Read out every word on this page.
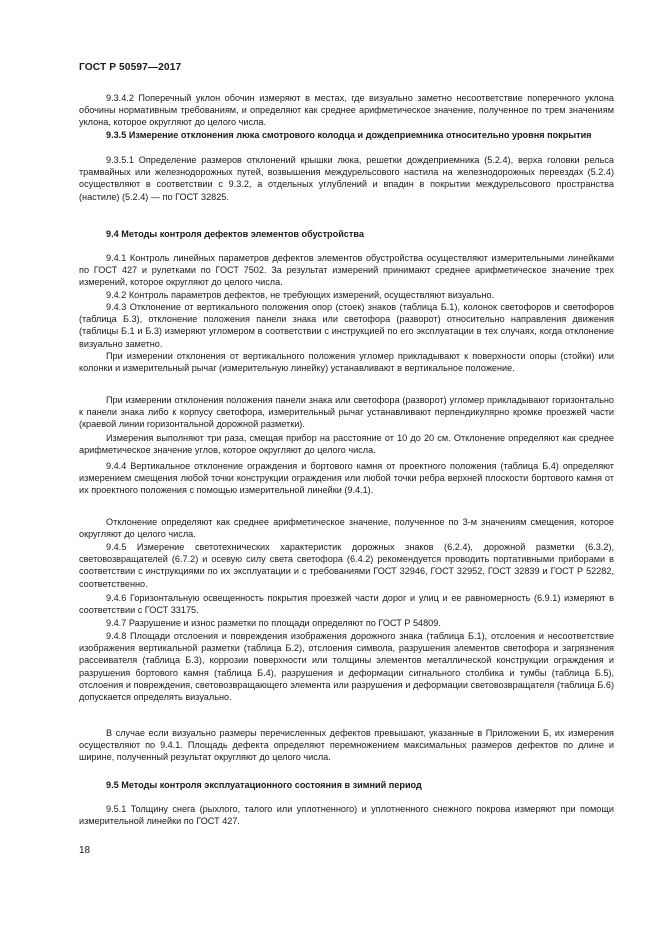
ГОСТ Р 50597—2017

9.3.4.2 Поперечный уклон обочин измеряют в местах, где визуально заметно несоответствие поперечного уклона обочины нормативным требованиям, и определяют как среднее арифметическое значение, полученное по трем значениям уклона, которое округляют до целого числа.

9.3.5 Измерение отклонения люка смотрового колодца и дождеприемника относительно уровня покрытия

9.3.5.1 Определение размеров отклонений крышки люка, решетки дождеприемника (5.2.4), верха головки рельса трамвайных или железнодорожных путей, возвышения междурельсового настила на железнодорожных переездах (5.2.4) осуществляют в соответствии с 9.3.2, а отдельных углублений и впадин в покрытии междурельсового пространства (настиле) (5.2.4) — по ГОСТ 32825.

9.4 Методы контроля дефектов элементов обустройства

9.4.1 Контроль линейных параметров дефектов элементов обустройства осуществляют измерительными линейками по ГОСТ 427 и рулетками по ГОСТ 7502. За результат измерений принимают среднее арифметическое значение трех измерений, которое округляют до целого числа.

9.4.2 Контроль параметров дефектов, не требующих измерений, осуществляют визуально.

9.4.3 Отклонение от вертикального положения опор (стоек) знаков (таблица Б.1), колонок светофоров и светофоров (таблица Б.3), отклонение положения панели знака или светофора (разворот) относительно направления движения (таблицы Б.1 и Б.3) измеряют угломером в соответствии с инструкцией по его эксплуатации в тех случаях, когда отклонение визуально заметно.

При измерении отклонения от вертикального положения угломер прикладывают к поверхности опоры (стойки) или колонки и измерительный рычаг (измерительную линейку) устанавливают в вертикальное положение.

При измерении отклонения положения панели знака или светофора (разворот) угломер прикладывают горизонтально к панели знака либо к корпусу светофора, измерительный рычаг устанавливают перпендикулярно кромке проезжей части (краевой линии горизонтальной дорожной разметки).

Измерения выполняют три раза, смещая прибор на расстояние от 10 до 20 см. Отклонение определяют как среднее арифметическое значение углов, которое округляют до целого числа.

9.4.4 Вертикальное отклонение ограждения и бортового камня от проектного положения (таблица Б.4) определяют измерением смещения любой точки конструкции ограждения или любой точки ребра верхней плоскости бортового камня от их проектного положения с помощью измерительной линейки (9.4.1).

Отклонение определяют как среднее арифметическое значение, полученное по 3-м значениям смещения, которое округляют до целого числа.

9.4.5 Измерение светотехнических характеристик дорожных знаков (6.2.4), дорожной разметки (6.3.2), световозвращателей (6.7.2) и осевую силу света светофора (6.4.2) рекомендуется проводить портативными приборами в соответствии с инструкциями по их эксплуатации и с требованиями ГОСТ 32946, ГОСТ 32952, ГОСТ 32839 и ГОСТ Р 52282, соответственно.

9.4.6 Горизонтальную освещенность покрытия проезжей части дорог и улиц и ее равномерность (6.9.1) измеряют в соответствии с ГОСТ 33175.

9.4.7 Разрушение и износ разметки по площади определяют по ГОСТ Р 54809.

9.4.8 Площади отслоения и повреждения изображения дорожного знака (таблица Б.1), отслоения и несоответствие изображения вертикальной разметки (таблица Б.2), отслоения символа, разрушения элементов светофора и загрязнения рассеивателя (таблица Б.3), коррозии поверхности или толщины элементов металлической конструкции ограждения и разрушения бортового камня (таблица Б.4), разрушения и деформации сигнального столбика и тумбы (таблица Б.5), отслоения и повреждения, световозвращающего элемента или разрушения и деформации световозвращателя (таблица Б.6) допускается определять визуально.

В случае если визуально размеры перечисленных дефектов превышают, указанные в Приложении Б, их измерения осуществляют по 9.4.1. Площадь дефекта определяют перемножением максимальных размеров дефектов по длине и ширине, полученный результат округляют до целого числа.

9.5 Методы контроля эксплуатационного состояния в зимний период

9.5.1 Толщину снега (рыхлого, талого или уплотненного) и уплотненного снежного покрова измеряют при помощи измерительной линейки по ГОСТ 427.

18
